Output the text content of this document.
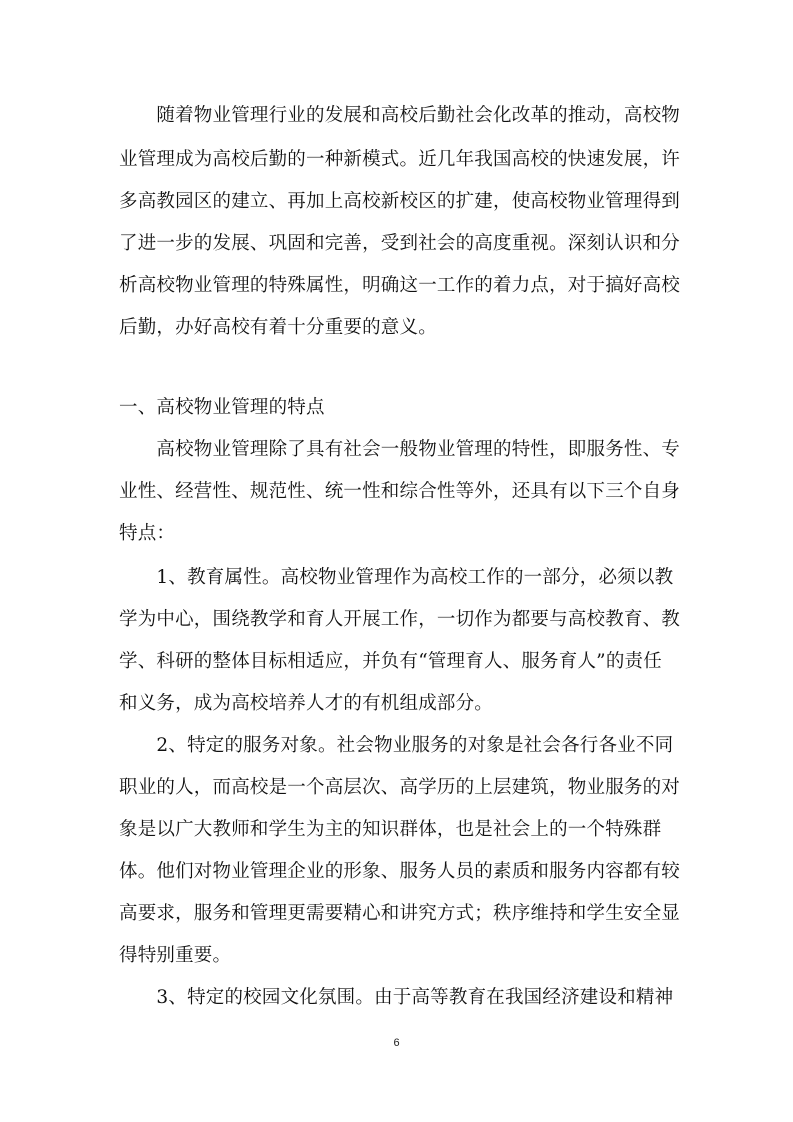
　　随着物业管理行业的发展和高校后勤社会化改革的推动，高校物
业管理成为高校后勤的一种新模式。近几年我国高校的快速发展，许
多高教园区的建立、再加上高校新校区的扩建，使高校物业管理得到
了进一步的发展、巩固和完善，受到社会的高度重视。深刻认识和分
析高校物业管理的特殊属性，明确这一工作的着力点，对于搞好高校
后勤，办好高校有着十分重要的意义。
一、高校物业管理的特点
　　高校物业管理除了具有社会一般物业管理的特性，即服务性、专
业性、经营性、规范性、统一性和综合性等外，还具有以下三个自身
特点：
　　1、教育属性。高校物业管理作为高校工作的一部分，必须以教
学为中心，围绕教学和育人开展工作，一切作为都要与高校教育、教
学、科研的整体目标相适应，并负有“管理育人、服务育人”的责任
和义务，成为高校培养人才的有机组成部分。
　　2、特定的服务对象。社会物业服务的对象是社会各行各业不同
职业的人，而高校是一个高层次、高学历的上层建筑，物业服务的对
象是以广大教师和学生为主的知识群体，也是社会上的一个特殊群
体。他们对物业管理企业的形象、服务人员的素质和服务内容都有较
高要求，服务和管理更需要精心和讲究方式；秩序维持和学生安全显
得特别重要。
　　3、特定的校园文化氛围。由于高等教育在我国经济建设和精神
6
